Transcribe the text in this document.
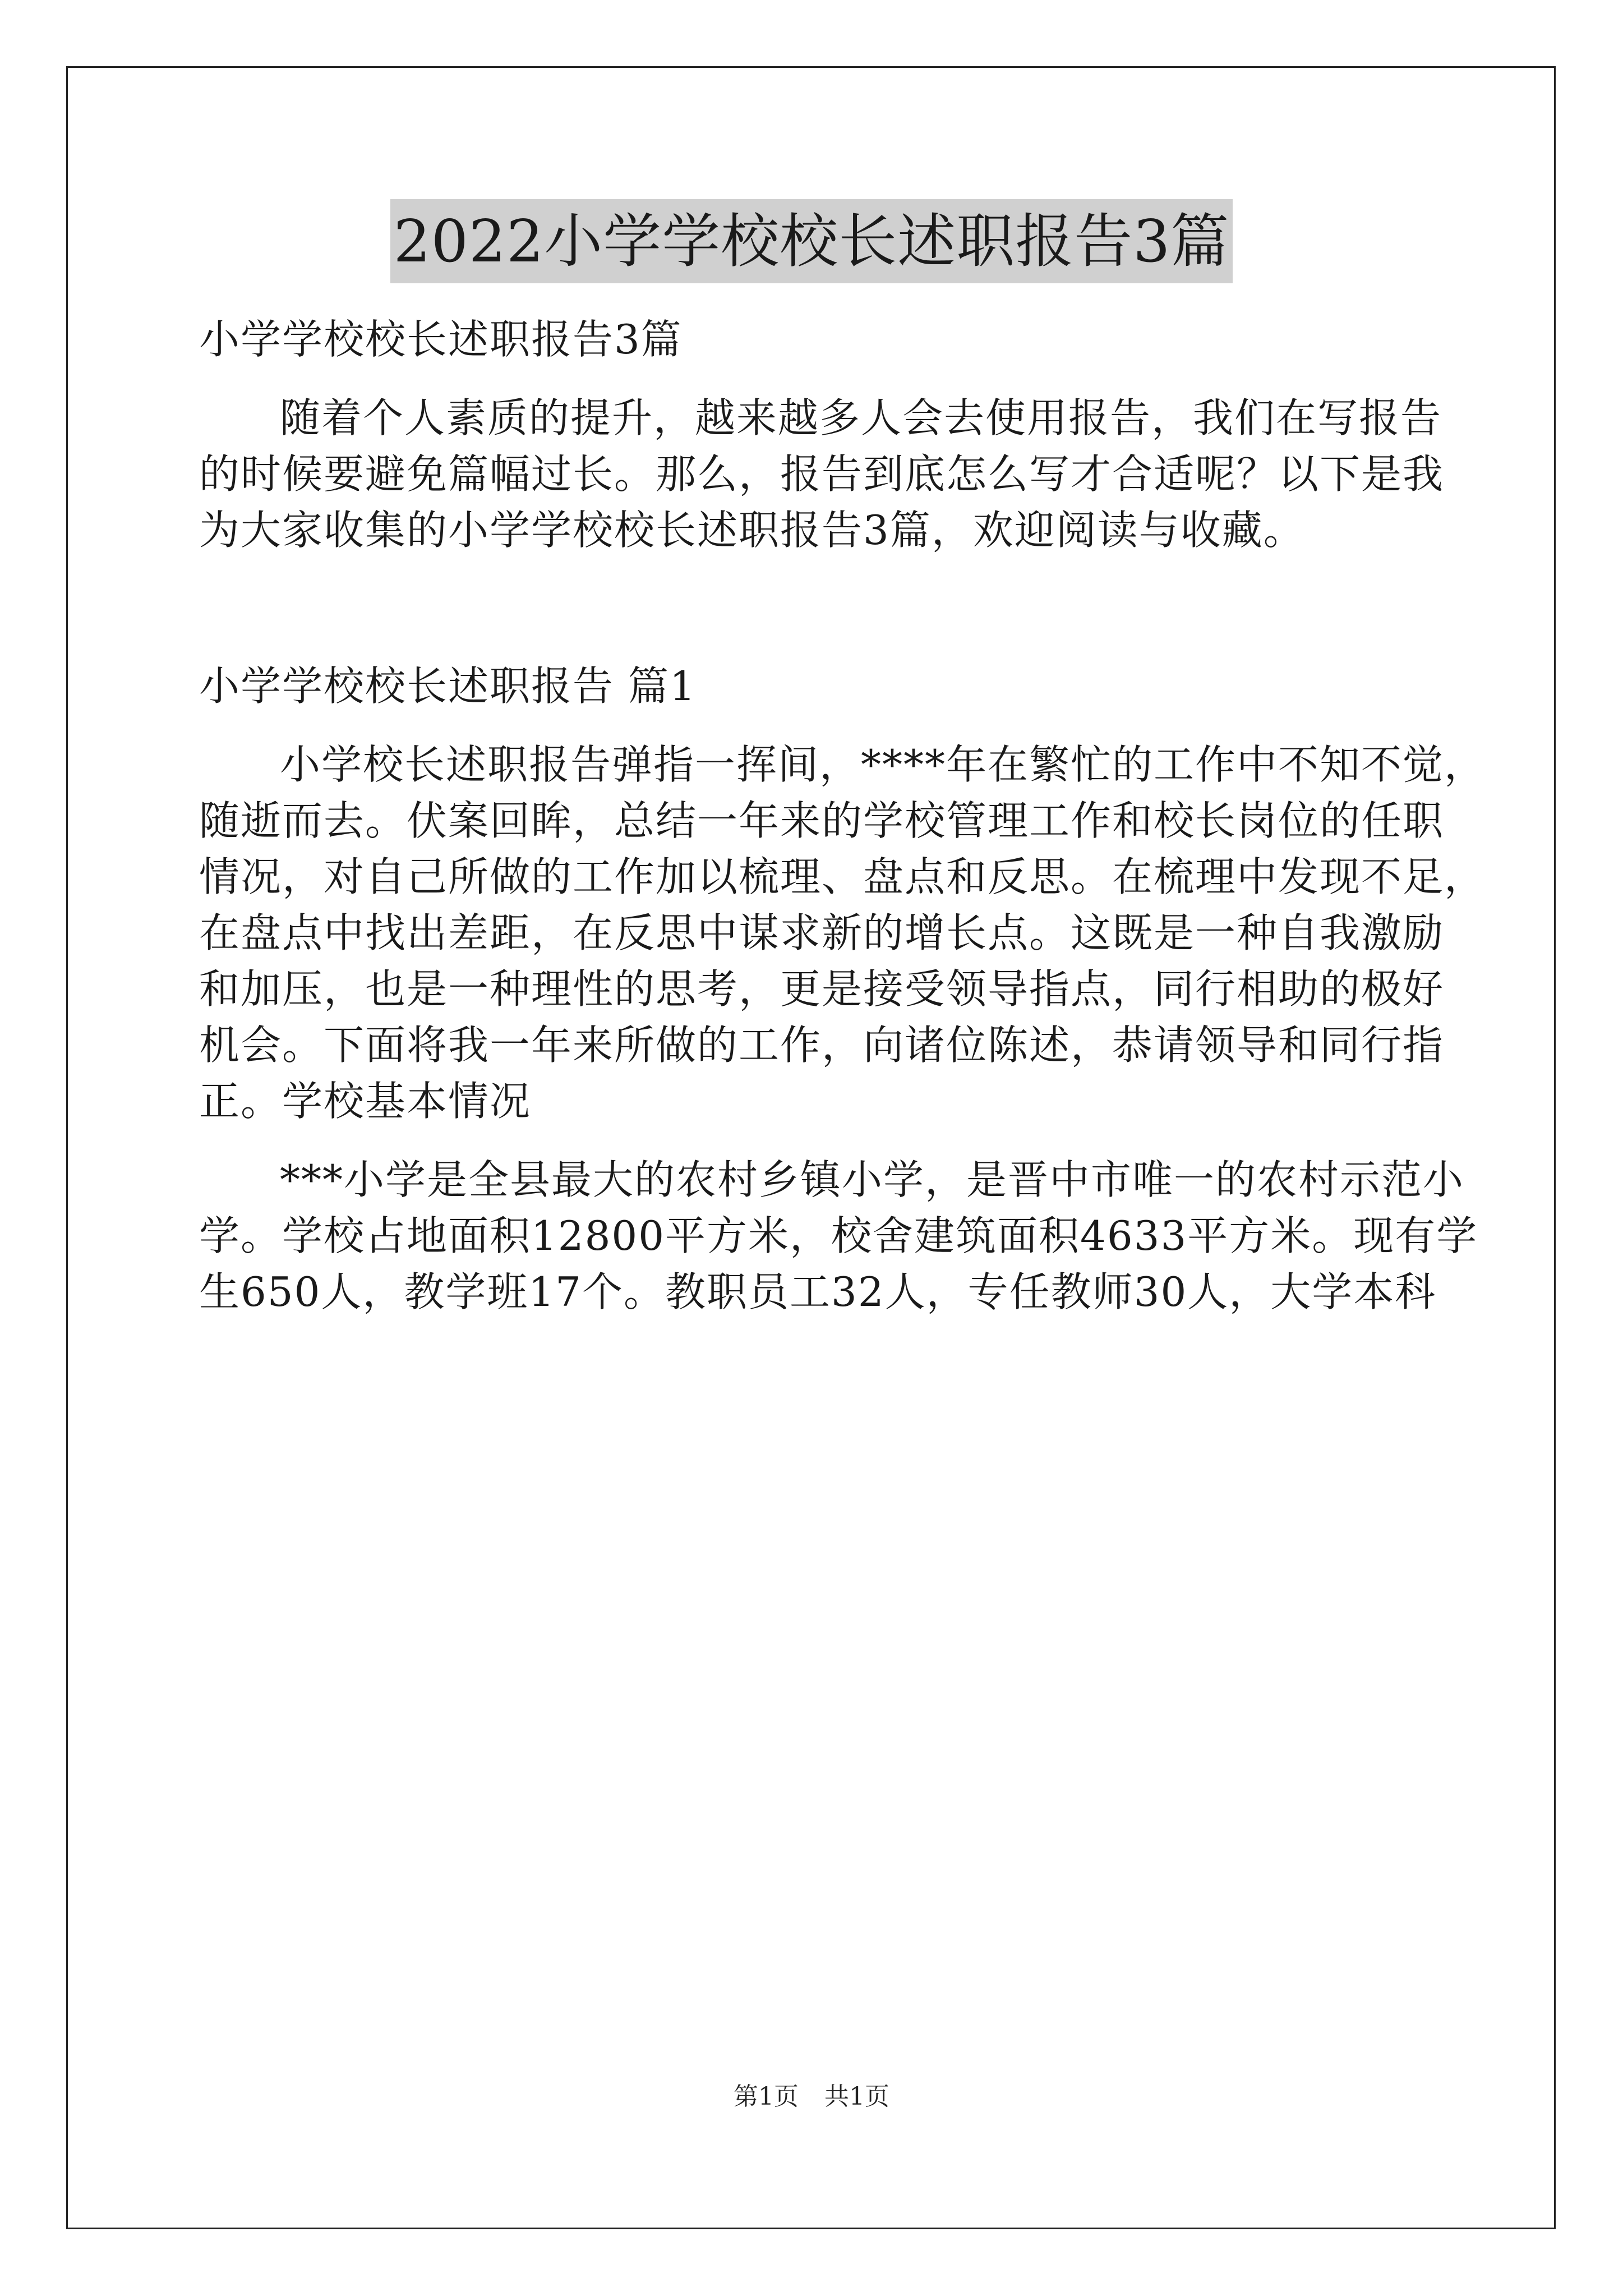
2022小学学校校长述职报告3篇
小学学校校长述职报告3篇
随着个人素质的提升，越来越多人会去使用报告，我们在写报告
的时候要避免篇幅过长。那么，报告到底怎么写才合适呢？以下是我
为大家收集的小学学校校长述职报告3篇，欢迎阅读与收藏。
小学学校校长述职报告 篇1
小学校长述职报告弹指一挥间，****年在繁忙的工作中不知不觉，
随逝而去。伏案回眸，总结一年来的学校管理工作和校长岗位的任职
情况，对自己所做的工作加以梳理、盘点和反思。在梳理中发现不足，
在盘点中找出差距，在反思中谋求新的增长点。这既是一种自我激励
和加压，也是一种理性的思考，更是接受领导指点，同行相助的极好
机会。下面将我一年来所做的工作，向诸位陈述，恭请领导和同行指
正。学校基本情况
***小学是全县最大的农村乡镇小学，是晋中市唯一的农村示范小
学。学校占地面积12800平方米，校舍建筑面积4633平方米。现有学
生650人，教学班17个。教职员工32人，专任教师30人，大学本科
第1页 共1页
